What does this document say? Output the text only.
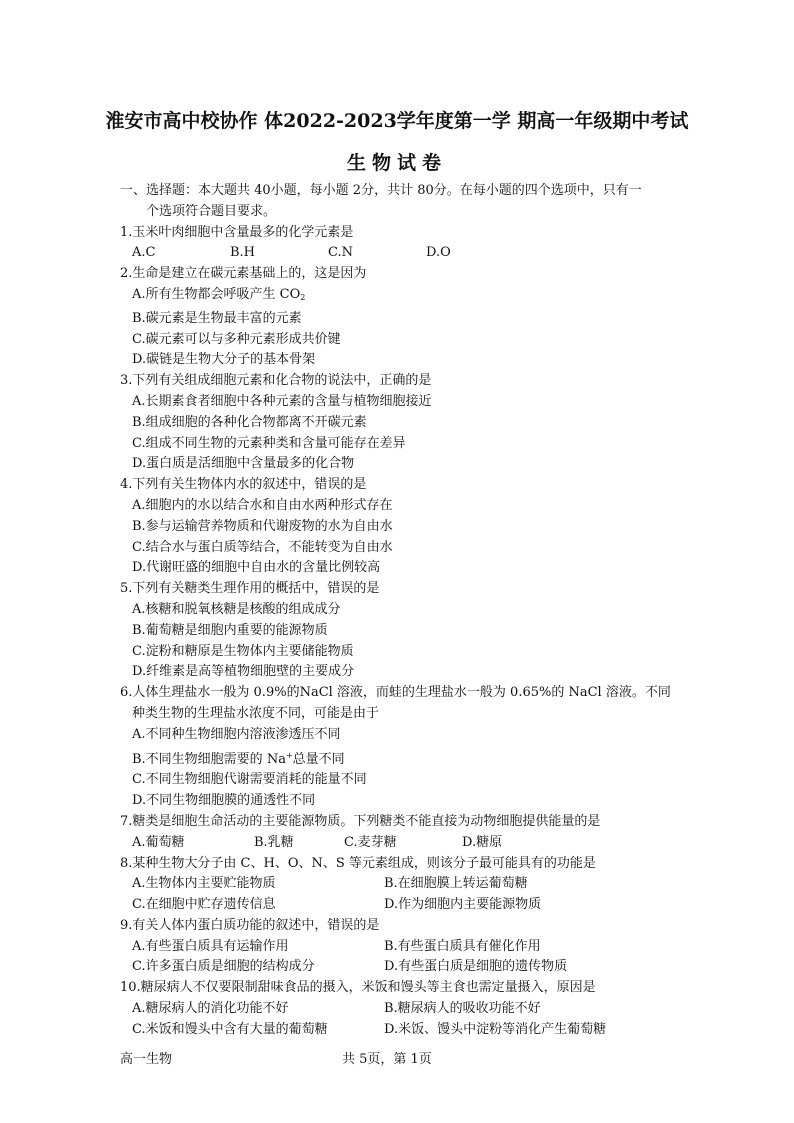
淮安市高中校协作 体2022-2023学年度第一学 期高一年级期中考试
生物试卷
一、选择题：本大题共 40小题，每小题 2分，共计 80分。在每小题的四个选项中，只有一
个选项符合题目要求。
1.玉米叶肉细胞中含量最多的化学元素是
A.C	B.H	C.N	D.O
2.生命是建立在碳元素基础上的，这是因为
A.所有生物都会呼吸产生 $CO_2$
B.碳元素是生物最丰富的元素
C.碳元素可以与多种元素形成共价键
D.碳链是生物大分子的基本骨架
3.下列有关组成细胞元素和化合物的说法中，正确的是
A.长期素食者细胞中各种元素的含量与植物细胞接近
B.组成细胞的各种化合物都离不开碳元素
C.组成不同生物的元素种类和含量可能存在差异
D.蛋白质是活细胞中含量最多的化合物
4.下列有关生物体内水的叙述中，错误的是
A.细胞内的水以结合水和自由水两种形式存在
B.参与运输营养物质和代谢废物的水为自由水
C.结合水与蛋白质等结合，不能转变为自由水
D.代谢旺盛的细胞中自由水的含量比例较高
5.下列有关糖类生理作用的概括中，错误的是
A.核糖和脱氧核糖是核酸的组成成分
B.葡萄糖是细胞内重要的能源物质
C.淀粉和糖原是生物体内主要储能物质
D.纤维素是高等植物细胞壁的主要成分
6.人体生理盐水一般为 0.9%的NaCl 溶液，而蛙的生理盐水一般为 0.65%的 NaCl 溶液。不同
种类生物的生理盐水浓度不同，可能是由于
A.不同种生物细胞内溶液渗透压不同
B.不同生物细胞需要的 Na+总量不同
C.不同生物细胞代谢需要消耗的能量不同
D.不同生物细胞膜的通透性不同
7.糖类是细胞生命活动的主要能源物质。下列糖类不能直接为动物细胞提供能量的是
A.葡萄糖	B.乳糖	C.麦芽糖	D.糖原
8.某种生物大分子由 C、H、O、N、S 等元素组成，则该分子最可能具有的功能是
A.生物体内主要贮能物质	B.在细胞膜上转运葡萄糖
C.在细胞中贮存遗传信息	D.作为细胞内主要能源物质
9.有关人体内蛋白质功能的叙述中，错误的是
A.有些蛋白质具有运输作用	B.有些蛋白质具有催化作用
C.许多蛋白质是细胞的结构成分	D.有些蛋白质是细胞的遗传物质
10.糖尿病人不仅要限制甜味食品的摄入，米饭和馒头等主食也需定量摄入，原因是
A.糖尿病人的消化功能不好	B.糖尿病人的吸收功能不好
C.米饭和馒头中含有大量的葡萄糖	D.米饭、馒头中淀粉等消化产生葡萄糖
高一生物	共 5页，第 1页
